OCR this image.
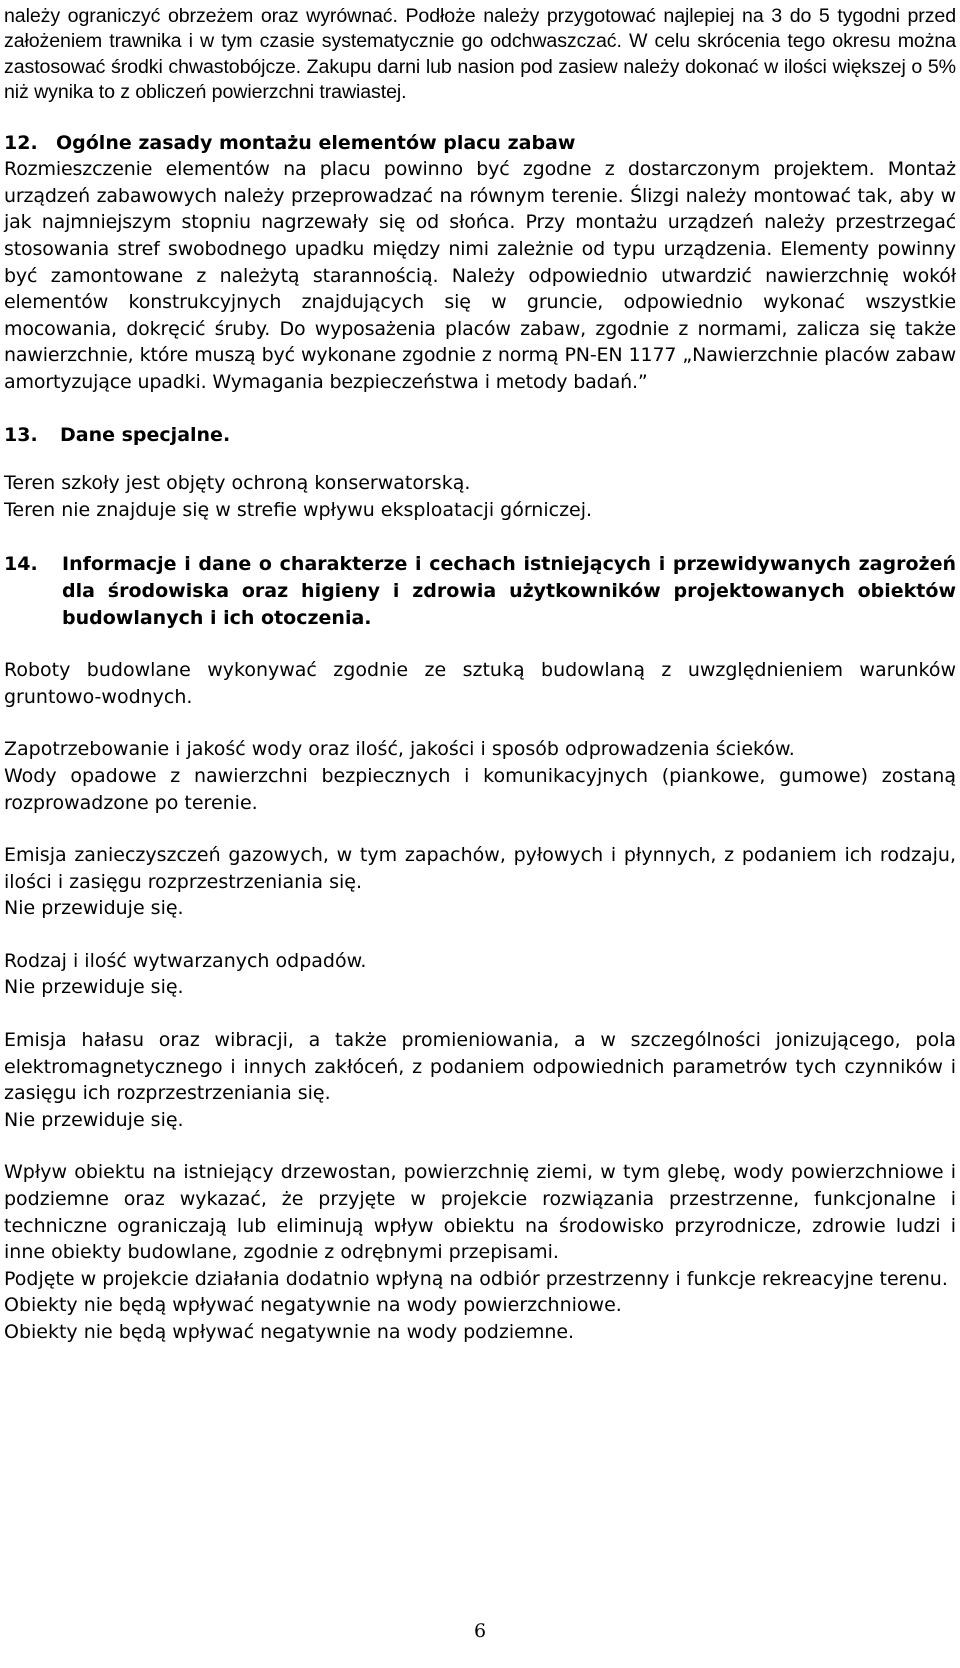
należy ograniczyć obrzeżem oraz wyrównać. Podłoże należy przygotować najlepiej na 3 do 5 tygodni przed założeniem trawnika i w tym czasie systematycznie go odchwaszczać. W celu skrócenia tego okresu można zastosować środki chwastobójcze. Zakupu darni lub nasion pod zasiew należy dokonać w ilości większej o 5% niż wynika to z obliczeń powierzchni trawiastej.

12. Ogólne zasady montażu elementów placu zabaw

Rozmieszczenie elementów na placu powinno być zgodne z dostarczonym projektem. Montaż urządzeń zabawowych należy przeprowadzać na równym terenie. Ślizgi należy montować tak, aby w jak najmniejszym stopniu nagrzewały się od słońca. Przy montażu urządzeń należy przestrzegać stosowania stref swobodnego upadku między nimi zależnie od typu urządzenia. Elementy powinny być zamontowane z należytą starannością. Należy odpowiednio utwardzić nawierzchnię wokół elementów konstrukcyjnych znajdujących się w gruncie, odpowiednio wykonać wszystkie mocowania, dokręcić śruby. Do wyposażenia placów zabaw, zgodnie z normami, zalicza się także nawierzchnie, które muszą być wykonane zgodnie z normą PN-EN 1177 „Nawierzchnie placów zabaw amortyzujące upadki. Wymagania bezpieczeństwa i metody badań.”

13. Dane specjalne.

Teren szkoły jest objęty ochroną konserwatorską.

Teren nie znajduje się w strefie wpływu eksploatacji górniczej.

14.	Informacje i dane o charakterze i cechach istniejących i przewidywanych zagrożeń dla środowiska oraz higieny i zdrowia użytkowników projektowanych obiektów budowlanych i ich otoczenia.

Roboty budowlane wykonywać zgodnie ze sztuką budowlaną z uwzględnieniem warunków gruntowo-wodnych.

Zapotrzebowanie i jakość wody oraz ilość, jakości i sposób odprowadzenia ścieków.

Wody opadowe z nawierzchni bezpiecznych i komunikacyjnych (piankowe, gumowe) zostaną rozprowadzone po terenie.

Emisja zanieczyszczeń gazowych, w tym zapachów, pyłowych i płynnych, z podaniem ich rodzaju, ilości i zasięgu rozprzestrzeniania się.

Nie przewiduje się.

Rodzaj i ilość wytwarzanych odpadów.

Nie przewiduje się.

Emisja hałasu oraz wibracji, a także promieniowania, a w szczególności jonizującego, pola elektromagnetycznego i innych zakłóceń, z podaniem odpowiednich parametrów tych czynników i zasięgu ich rozprzestrzeniania się.

Nie przewiduje się.

Wpływ obiektu na istniejący drzewostan, powierzchnię ziemi, w tym glebę, wody powierzchniowe i podziemne oraz wykazać, że przyjęte w projekcie rozwiązania przestrzenne, funkcjonalne i techniczne ograniczają lub eliminują wpływ obiektu na środowisko przyrodnicze, zdrowie ludzi i inne obiekty budowlane, zgodnie z odrębnymi przepisami.

Podjęte w projekcie działania dodatnio wpłyną na odbiór przestrzenny i funkcje rekreacyjne terenu.

Obiekty nie będą wpływać negatywnie na wody powierzchniowe.

Obiekty nie będą wpływać negatywnie na wody podziemne.

6
